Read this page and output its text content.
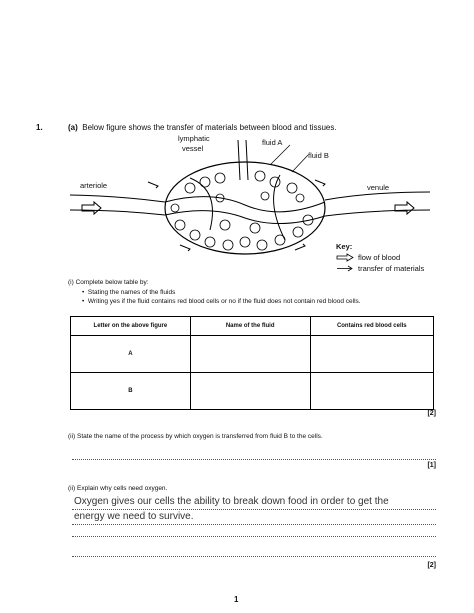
1.	(a) Below figure shows the transfer of materials between blood and tissues.
lymphatic
vessel
fluid A
fluid B
arteriole	venule
Key:
flow of blood
transfer of materials
(i) Complete below table by:
•  Stating the names of the fluids
•  Writing yes if the fluid contains red blood cells or no if the fluid does not contain red blood cells.
Letter on the above figure	Name of the fluid	Contains red blood cells
A		
B		
[2]
(ii) State the name of the process by which oxygen is transferred from fluid B to the cells.
[1]
(ii) Explain why cells need oxygen.
Oxygen gives our cells the ability to break down food in order to get the
energy we need to survive.
[2]
1
